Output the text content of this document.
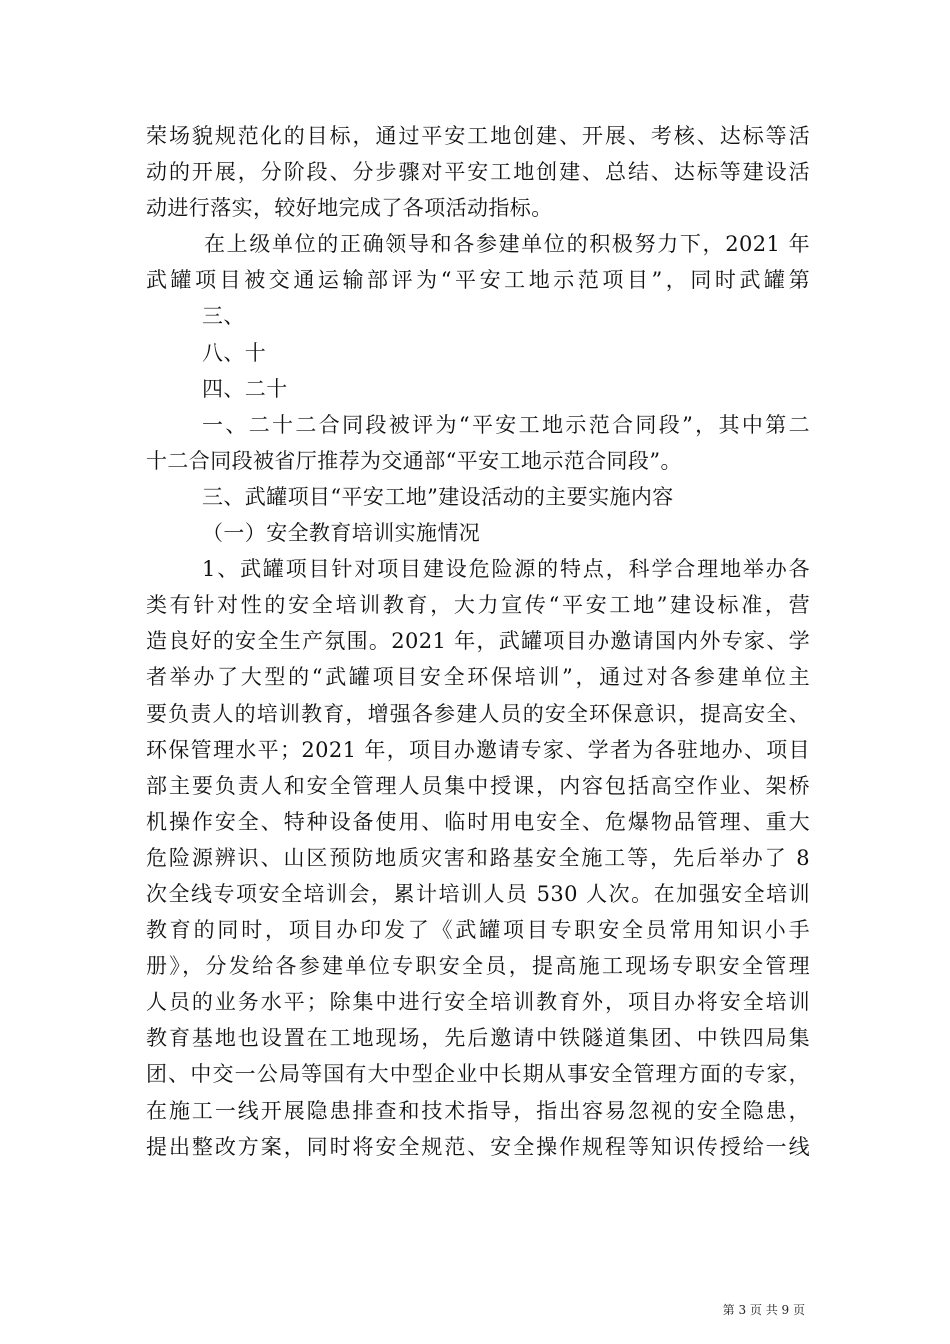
荣场貌规范化的目标，通过平安工地创建、开展、考核、达标等活
动的开展，分阶段、分步骤对平安工地创建、总结、达标等建设活
动进行落实，较好地完成了各项活动指标。
在上级单位的正确领导和各参建单位的积极努力下，2021 年
武罐项目被交通运输部评为“平安工地示范项目”，同时武罐第
三、
八、十
四、二十
一、二十二合同段被评为“平安工地示范合同段”，其中第二
十二合同段被省厅推荐为交通部“平安工地示范合同段”。
三、武罐项目“平安工地”建设活动的主要实施内容
（一）安全教育培训实施情况
1、武罐项目针对项目建设危险源的特点，科学合理地举办各
类有针对性的安全培训教育，大力宣传“平安工地”建设标准，营
造良好的安全生产氛围。2021 年，武罐项目办邀请国内外专家、学
者举办了大型的“武罐项目安全环保培训”，通过对各参建单位主
要负责人的培训教育，增强各参建人员的安全环保意识，提高安全、
环保管理水平；2021 年，项目办邀请专家、学者为各驻地办、项目
部主要负责人和安全管理人员集中授课，内容包括高空作业、架桥
机操作安全、特种设备使用、临时用电安全、危爆物品管理、重大
危险源辨识、山区预防地质灾害和路基安全施工等，先后举办了 8
次全线专项安全培训会，累计培训人员 530 人次。在加强安全培训
教育的同时，项目办印发了《武罐项目专职安全员常用知识小手
册》，分发给各参建单位专职安全员，提高施工现场专职安全管理
人员的业务水平；除集中进行安全培训教育外，项目办将安全培训
教育基地也设置在工地现场，先后邀请中铁隧道集团、中铁四局集
团、中交一公局等国有大中型企业中长期从事安全管理方面的专家，
在施工一线开展隐患排查和技术指导，指出容易忽视的安全隐患，
提出整改方案，同时将安全规范、安全操作规程等知识传授给一线
第 3 页 共 9 页
